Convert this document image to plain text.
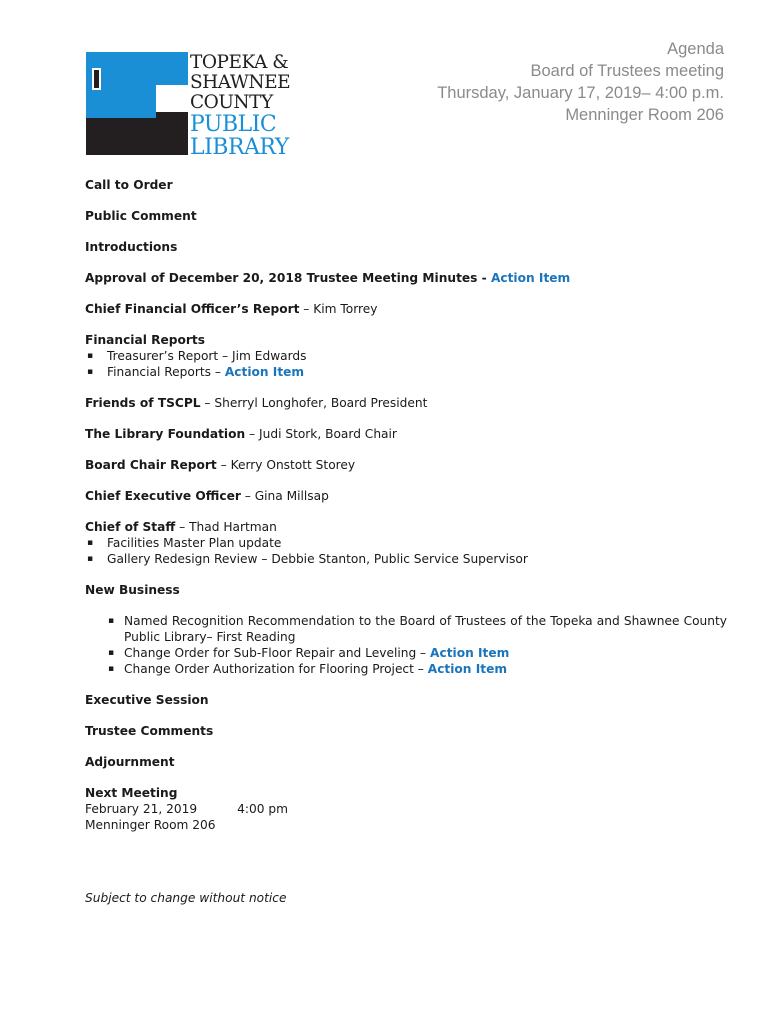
TOPEKA &
SHAWNEE
COUNTY
PUBLIC
LIBRARY
Agenda
Board of Trustees meeting
Thursday, January 17, 2019– 4:00 p.m.
Menninger Room 206
Call to Order
Public Comment
Introductions
Approval of December 20, 2018 Trustee Meeting Minutes - Action Item
Chief Financial Officer’s Report – Kim Torrey
Financial Reports
▪ Treasurer’s Report – Jim Edwards
▪ Financial Reports – Action Item
Friends of TSCPL – Sherryl Longhofer, Board President
The Library Foundation – Judi Stork, Board Chair
Board Chair Report – Kerry Onstott Storey
Chief Executive Officer – Gina Millsap
Chief of Staff – Thad Hartman
▪ Facilities Master Plan update
▪ Gallery Redesign Review – Debbie Stanton, Public Service Supervisor
New Business
▪ Named Recognition Recommendation to the Board of Trustees of the Topeka and Shawnee County Public Library– First Reading
▪ Change Order for Sub-Floor Repair and Leveling – Action Item
▪ Change Order Authorization for Flooring Project – Action Item
Executive Session
Trustee Comments
Adjournment
Next Meeting
February 21, 2019	4:00 pm
Menninger Room 206
Subject to change without notice
